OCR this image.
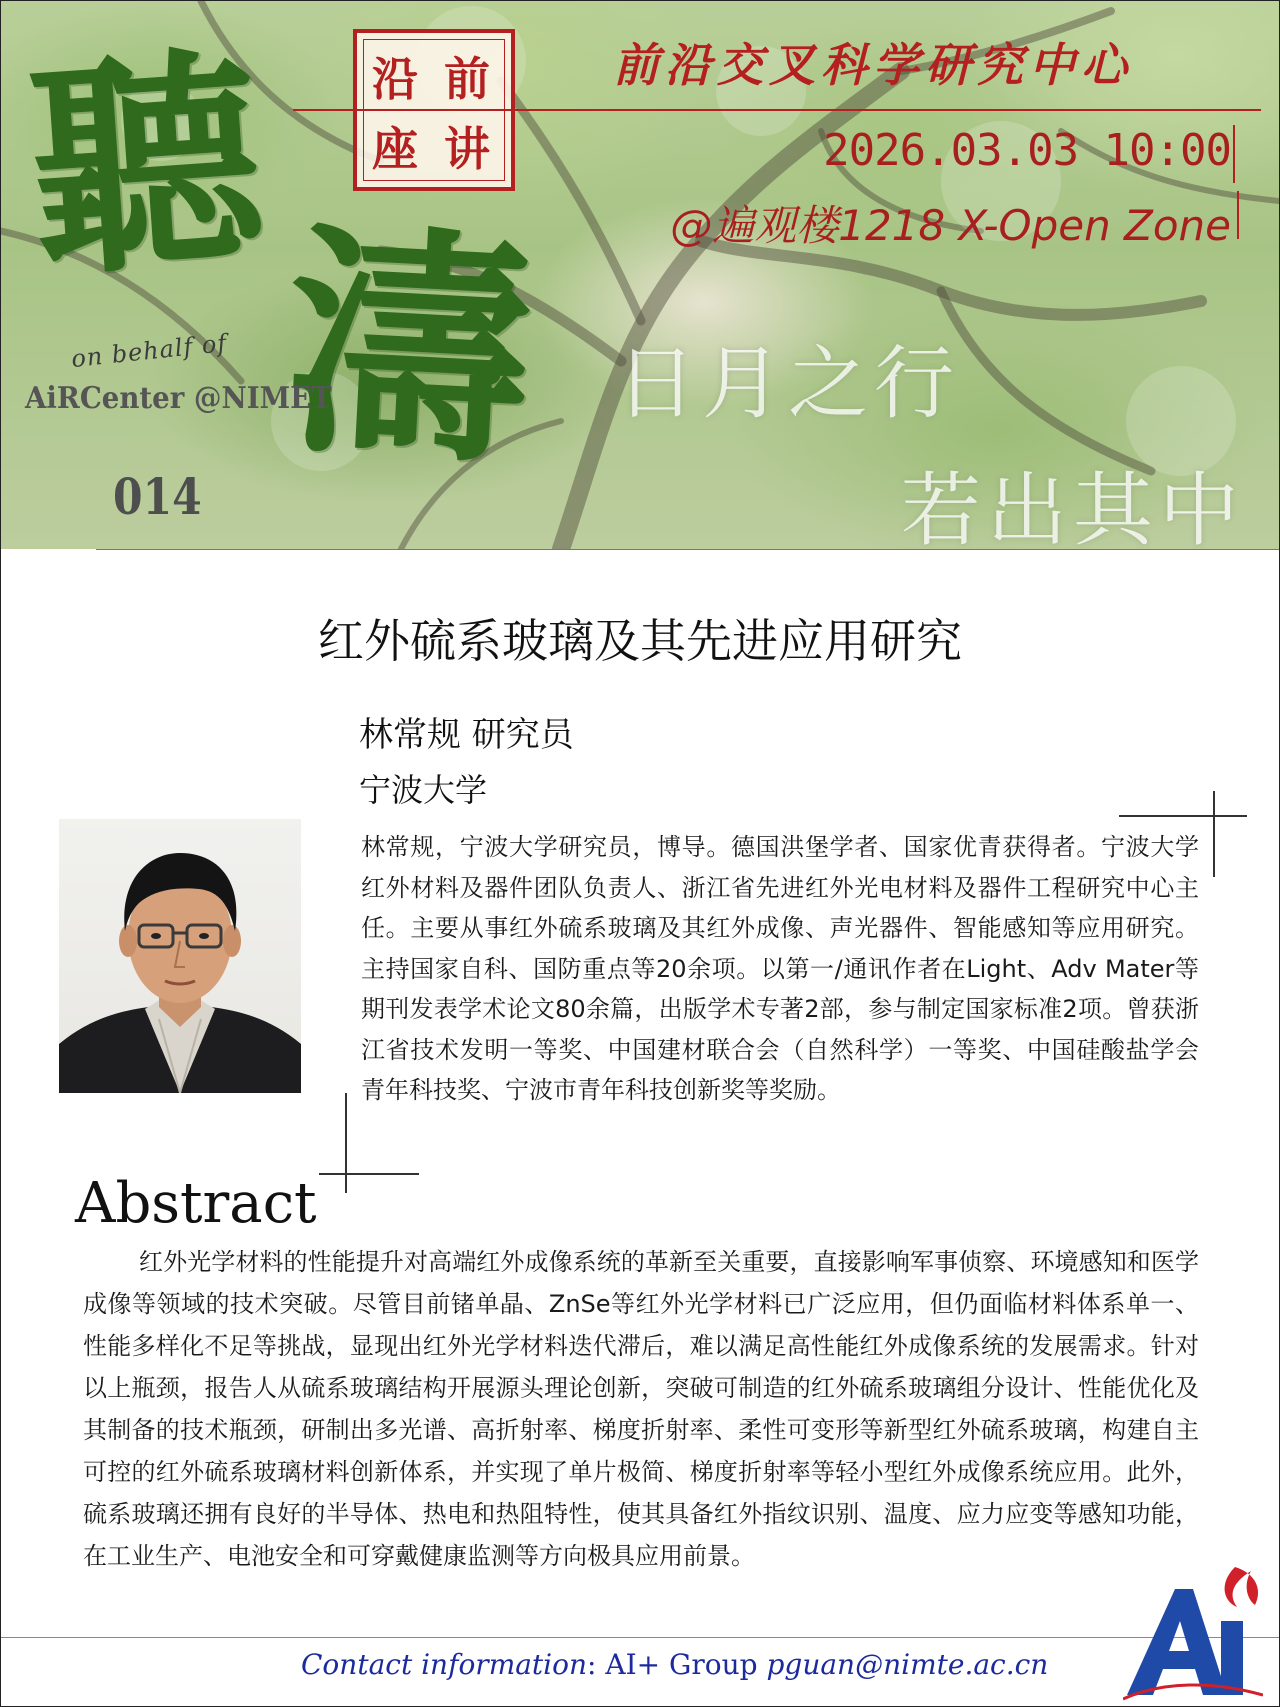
聽
濤
前
沿
讲
座
前沿交叉科学研究中心
2026.03.03 10:00
@遍观楼1218 X-Open Zone
日月之行
若出其中
on behalf of
AiRCenter @NIMET
014
红外硫系玻璃及其先进应用研究
林常规 研究员
宁波大学
林常规，宁波大学研究员，博导。德国洪堡学者、国家优青获得者。宁波大学红外材料及器件团队负责人、浙江省先进红外光电材料及器件工程研究中心主任。主要从事红外硫系玻璃及其红外成像、声光器件、智能感知等应用研究。主持国家自科、国防重点等20余项。以第一/通讯作者在Light、Adv Mater等期刊发表学术论文80余篇，出版学术专著2部，参与制定国家标准2项。曾获浙江省技术发明一等奖、中国建材联合会（自然科学）一等奖、中国硅酸盐学会青年科技奖、宁波市青年科技创新奖等奖励。
Abstract
红外光学材料的性能提升对高端红外成像系统的革新至关重要，直接影响军事侦察、环境感知和医学成像等领域的技术突破。尽管目前锗单晶、ZnSe等红外光学材料已广泛应用，但仍面临材料体系单一、性能多样化不足等挑战，显现出红外光学材料迭代滞后，难以满足高性能红外成像系统的发展需求。针对以上瓶颈，报告人从硫系玻璃结构开展源头理论创新，突破可制造的红外硫系玻璃组分设计、性能优化及其制备的技术瓶颈，研制出多光谱、高折射率、梯度折射率、柔性可变形等新型红外硫系玻璃，构建自主可控的红外硫系玻璃材料创新体系，并实现了单片极简、梯度折射率等轻小型红外成像系统应用。此外，硫系玻璃还拥有良好的半导体、热电和热阻特性，使其具备红外指纹识别、温度、应力应变等感知功能，在工业生产、电池安全和可穿戴健康监测等方向极具应用前景。
Contact information: AI+ Group pguan@nimte.ac.cn
Ai
